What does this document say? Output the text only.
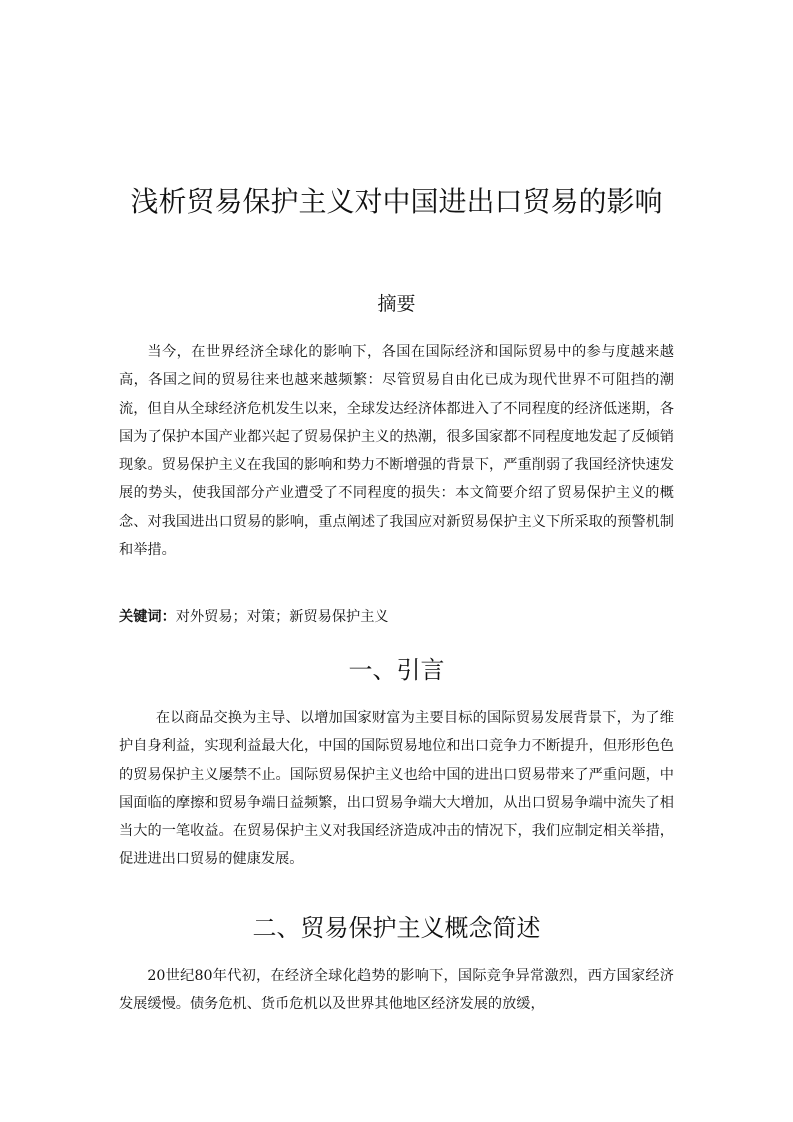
浅析贸易保护主义对中国进出口贸易的影响
摘要

当今，在世界经济全球化的影响下，各国在国际经济和国际贸易中的参与度越来越高，各国之间的贸易往来也越来越频繁：尽管贸易自由化已成为现代世界不可阻挡的潮流，但自从全球经济危机发生以来，全球发达经济体都进入了不同程度的经济低迷期，各国为了保护本国产业都兴起了贸易保护主义的热潮，很多国家都不同程度地发起了反倾销现象。贸易保护主义在我国的影响和势力不断增强的背景下，严重削弱了我国经济快速发展的势头，使我国部分产业遭受了不同程度的损失：本文简要介绍了贸易保护主义的概念、对我国进出口贸易的影响，重点阐述了我国应对新贸易保护主义下所采取的预警机制和举措。

关键词：对外贸易；对策；新贸易保护主义

一、引言

在以商品交换为主导、以增加国家财富为主要目标的国际贸易发展背景下，为了维护自身利益，实现利益最大化，中国的国际贸易地位和出口竞争力不断提升，但形形色色的贸易保护主义屡禁不止。国际贸易保护主义也给中国的进出口贸易带来了严重问题，中国面临的摩擦和贸易争端日益频繁，出口贸易争端大大增加，从出口贸易争端中流失了相当大的一笔收益。在贸易保护主义对我国经济造成冲击的情况下，我们应制定相关举措，促进进出口贸易的健康发展。

二、贸易保护主义概念简述

20世纪80年代初，在经济全球化趋势的影响下，国际竞争异常激烈，西方国家经济发展缓慢。债务危机、货币危机以及世界其他地区经济发展的放缓，
